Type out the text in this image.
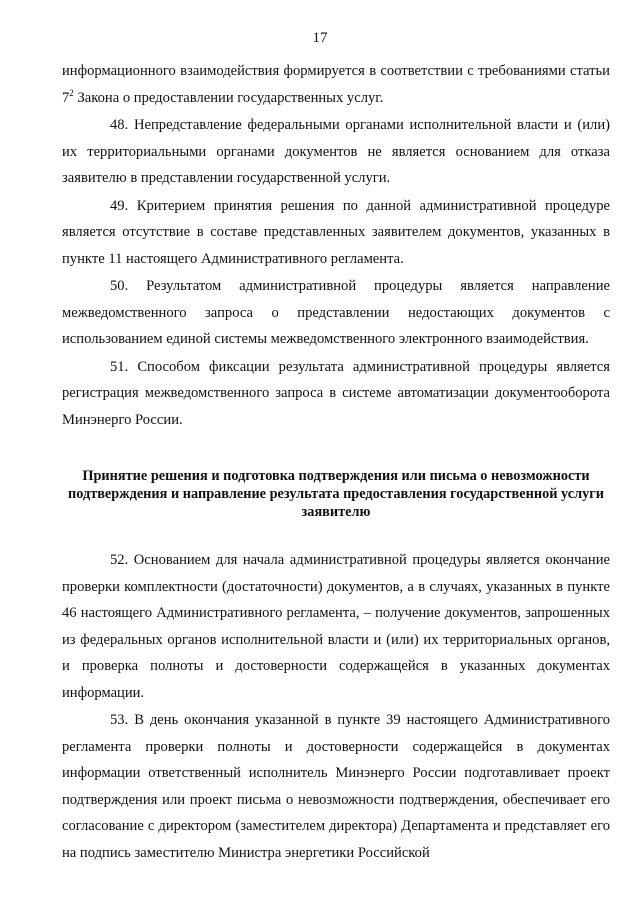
17

информационного взаимодействия формируется в соответствии с требованиями статьи $7^2$ Закона о предоставлении государственных услуг.

48. Непредставление федеральными органами исполнительной власти и (или) их территориальными органами документов не является основанием для отказа заявителю в представлении государственной услуги.

49. Критерием принятия решения по данной административной процедуре является отсутствие в составе представленных заявителем документов, указанных в пункте 11 настоящего Административного регламента.

50. Результатом административной процедуры является направление межведомственного запроса о представлении недостающих документов с использованием единой системы межведомственного электронного взаимодействия.

51. Способом фиксации результата административной процедуры является регистрация межведомственного запроса в системе автоматизации документооборота Минэнерго России.

Принятие решения и подготовка подтверждения или письма о невозможности подтверждения и направление результата предоставления государственной услуги заявителю

52. Основанием для начала административной процедуры является окончание проверки комплектности (достаточности) документов, а в случаях, указанных в пункте 46 настоящего Административного регламента, – получение документов, запрошенных из федеральных органов исполнительной власти и (или) их территориальных органов, и проверка полноты и достоверности содержащейся в указанных документах информации.

53. В день окончания указанной в пункте 39 настоящего Административного регламента проверки полноты и достоверности содержащейся в документах информации ответственный исполнитель Минэнерго России подготавливает проект подтверждения или проект письма о невозможности подтверждения, обеспечивает его согласование с директором (заместителем директора) Департамента и представляет его на подпись заместителю Министра энергетики Российской
